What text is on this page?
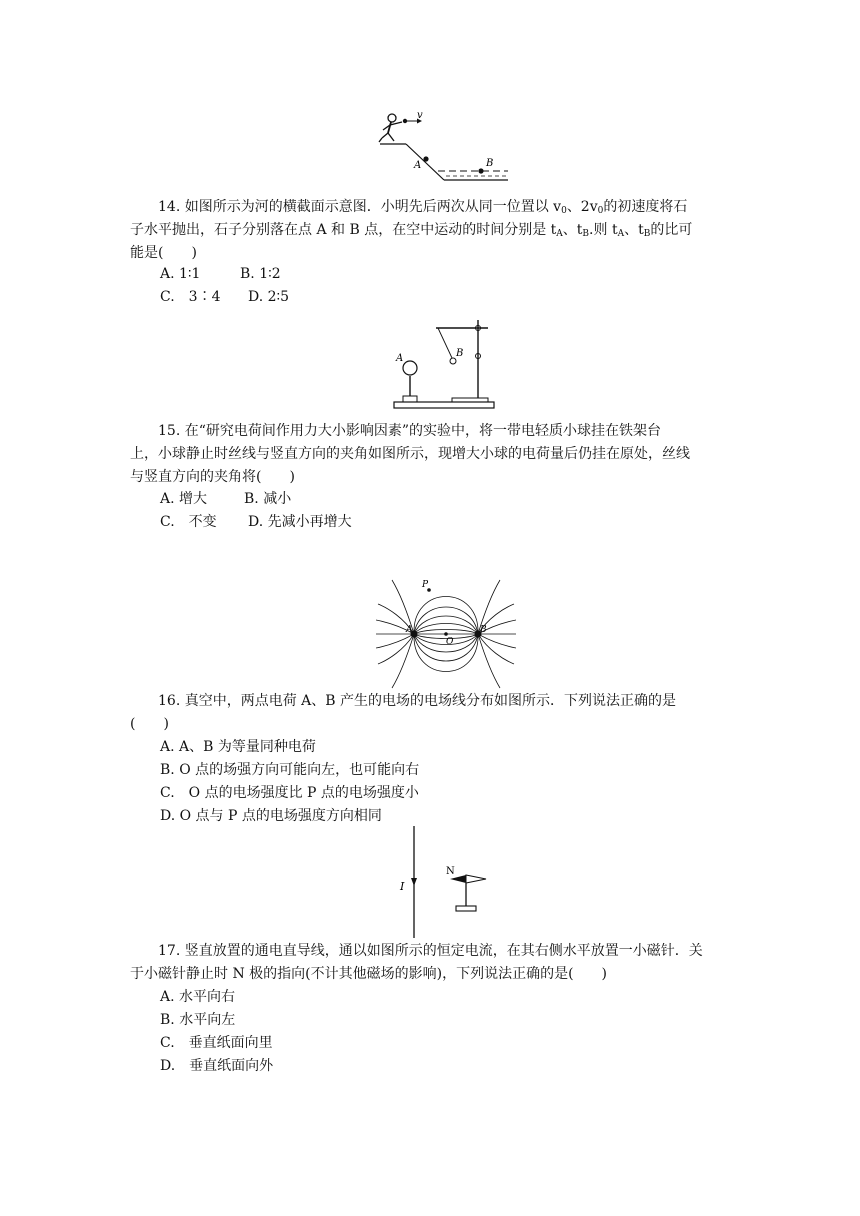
v
A	B
14. 如图所示为河的横截面示意图．小明先后两次从同一位置以 $v_0$、$2v_0$的初速度将石
子水平抛出，石子分别落在点 A 和 B 点，在空中运动的时间分别是 $t_A$、$t_B$.则 $t_A$、$t_B$的比可
能是(　　)
A. 1∶1	B. 1∶2
C.　3∶4 D. 2∶5
A	B
15. 在“研究电荷间作用力大小影响因素”的实验中，将一带电轻质小球挂在铁架台
上，小球静止时丝线与竖直方向的夹角如图所示，现增大小球的电荷量后仍挂在原处，丝线
与竖直方向的夹角将(　　)
A. 增大	B. 减小
C.　不变 D. 先减小再增大
P
A	B
O
16. 真空中，两点电荷 A、B 产生的电场的电场线分布如图所示．下列说法正确的是
(　　)
A. A、B 为等量同种电荷
B. O 点的场强方向可能向左，也可能向右
C.　O 点的电场强度比 P 点的电场强度小
D. O 点与 P 点的电场强度方向相同
I
N
17. 竖直放置的通电直导线，通以如图所示的恒定电流，在其右侧水平放置一小磁针．关
于小磁针静止时 N 极的指向(不计其他磁场的影响)，下列说法正确的是(　　)
A. 水平向右
B. 水平向左
C.　垂直纸面向里
D.　垂直纸面向外
